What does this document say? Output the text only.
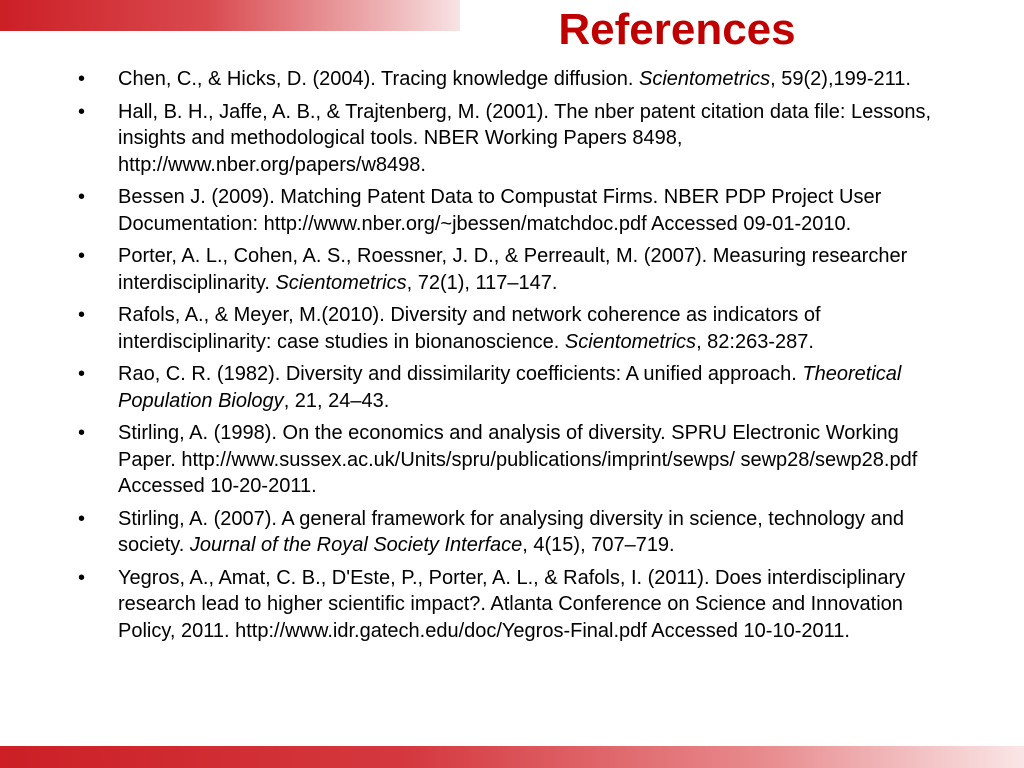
References
• Chen, C., & Hicks, D. (2004). Tracing knowledge diffusion. Scientometrics, 59(2),199-211.
• Hall, B. H., Jaffe, A. B., & Trajtenberg, M. (2001). The nber patent citation data file: Lessons, insights and methodological tools. NBER Working Papers 8498, http://www.nber.org/papers/w8498.
• Bessen J. (2009). Matching Patent Data to Compustat Firms. NBER PDP Project User Documentation: http://www.nber.org/~jbessen/matchdoc.pdf Accessed 09-01-2010.
• Porter, A. L., Cohen, A. S., Roessner, J. D., & Perreault, M. (2007). Measuring researcher interdisciplinarity. Scientometrics, 72(1), 117–147.
• Rafols, A., & Meyer, M.(2010). Diversity and network coherence as indicators of interdisciplinarity: case studies in bionanoscience. Scientometrics, 82:263-287.
• Rao, C. R. (1982). Diversity and dissimilarity coefficients: A unified approach. Theoretical Population Biology, 21, 24–43.
• Stirling, A. (1998). On the economics and analysis of diversity. SPRU Electronic Working Paper. http://www.sussex.ac.uk/Units/spru/publications/imprint/sewps/ sewp28/sewp28.pdf Accessed 10-20-2011.
• Stirling, A. (2007). A general framework for analysing diversity in science, technology and society. Journal of the Royal Society Interface, 4(15), 707–719.
• Yegros, A., Amat, C. B., D'Este, P., Porter, A. L., & Rafols, I. (2011). Does interdisciplinary research lead to higher scientific impact?. Atlanta Conference on Science and Innovation Policy, 2011. http://www.idr.gatech.edu/doc/Yegros-Final.pdf Accessed 10-10-2011.
